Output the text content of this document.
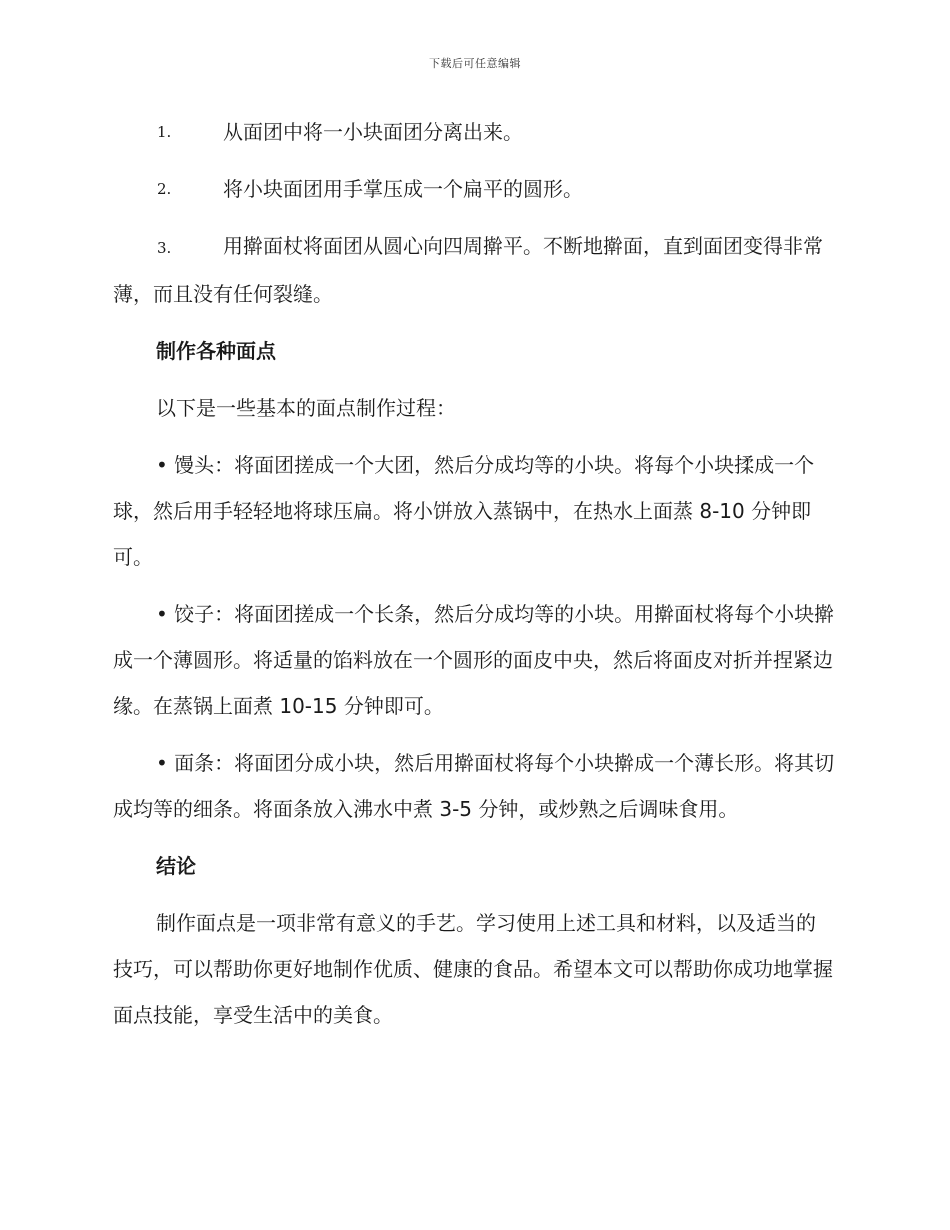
下载后可任意编辑
1.	从面团中将一小块面团分离出来。
2.	将小块面团用手掌压成一个扁平的圆形。
3.	用擀面杖将面团从圆心向四周擀平。不断地擀面，直到面团变得非常薄，而且没有任何裂缝。
制作各种面点

以下是一些基本的面点制作过程：

• 馒头：将面团搓成一个大团，然后分成均等的小块。将每个小块揉成一个球，然后用手轻轻地将球压扁。将小饼放入蒸锅中，在热水上面蒸 8-10 分钟即可。

• 饺子：将面团搓成一个长条，然后分成均等的小块。用擀面杖将每个小块擀成一个薄圆形。将适量的馅料放在一个圆形的面皮中央，然后将面皮对折并捏紧边缘。在蒸锅上面煮 10-15 分钟即可。

• 面条：将面团分成小块，然后用擀面杖将每个小块擀成一个薄长形。将其切成均等的细条。将面条放入沸水中煮 3-5 分钟，或炒熟之后调味食用。

结论

制作面点是一项非常有意义的手艺。学习使用上述工具和材料，以及适当的技巧，可以帮助你更好地制作优质、健康的食品。希望本文可以帮助你成功地掌握面点技能，享受生活中的美食。
